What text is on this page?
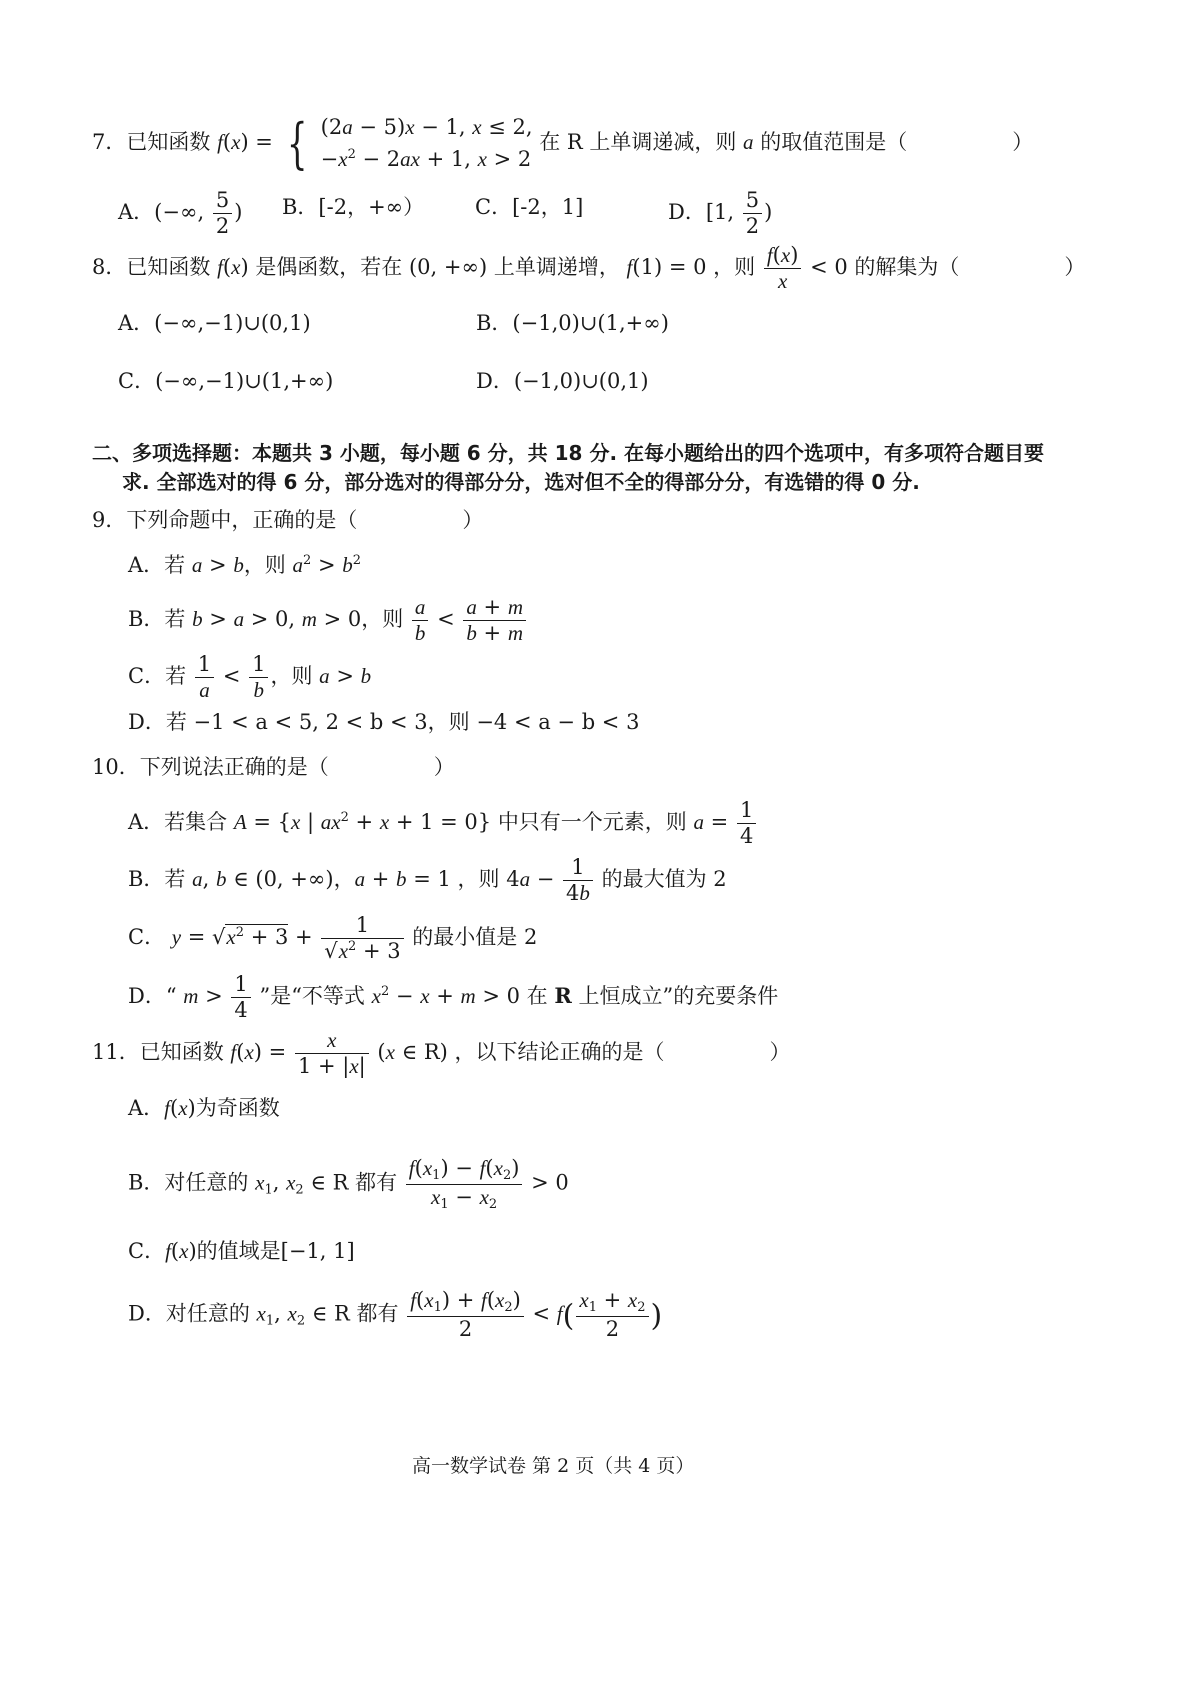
7．已知函数 f(x) = { (2a − 5)x − 1, x ≤ 2,
$-x^2 - 2ax + 1$, x > 2 在 R 上单调递减，则 a 的取值范围是（　　　　　）
A．(−∞, $\frac{5}{2}$ ) B．[-2，+∞） C．[-2，1]	D．[1, $\frac{5}{2}$ )
8．已知函数 f(x) 是偶函数，若在 (0, +∞) 上单调递增， f(1) = 0 ，则 $\frac{f(x)}{x} < 0$ 的解集为（　　　　　）
A．(−∞,−1)∪(0,1)	B．(−1,0)∪(1,+∞)
C．(−∞,−1)∪(1,+∞)	D．(−1,0)∪(0,1)
二、多项选择题：本题共 3 小题，每小题 6 分，共 18 分. 在每小题给出的四个选项中，有多项符合题目要
求. 全部选对的得 6 分，部分选对的得部分分，选对但不全的得部分分，有选错的得 0 分.
9．下列命题中，正确的是（　　　　　）
A．若 a > b，则 $a^2 > b^2$
B．若 b > a > 0, m > 0，则 $\frac{a}{b} < \frac{a + m}{b + m}$
C．若 $\frac{1}{a} < \frac{1}{b}$ ，则 a > b
D．若 −1 < a < 5, 2 < b < 3，则 −4 < a − b < 3
10．下列说法正确的是（　　　　　）
A．若集合 A = {x | $ax^2 + x + 1 = 0$} 中只有一个元素，则 $a = \frac{1}{4}$
B．若 a, b ∈ (0, +∞)，a + b = 1 ，则 $4a - \frac{1}{4b}$ 的最大值为 2
C． $y = √x^2 + 3 + \frac{1}{√x^2 + 3}$ 的最小值是 2
D．“ $m > \frac{1}{4}$ ”是“不等式 $x^2 - x + m > 0$ 在 R 上恒成立”的充要条件
11．已知函数 $f(x) = \frac{x}{1 + |x|} (x$ ∈ R) ，以下结论正确的是（　　　　　）
A．f(x)为奇函数
B．对任意的 $x_1$, $x_2$ ∈ R 都有 $\frac{f(x_1) - f(x_2)}{x_1 - x_2} > 0$
C．f(x)的值域是[−1, 1]
D．对任意的 $x_1$, $x_2$ ∈ R 都有 $\frac{f(x_1) + f(x_2)}{2} < f( \frac{x_1 + x_2}{2}$ )
高一数学试卷 第 2 页（共 4 页）
